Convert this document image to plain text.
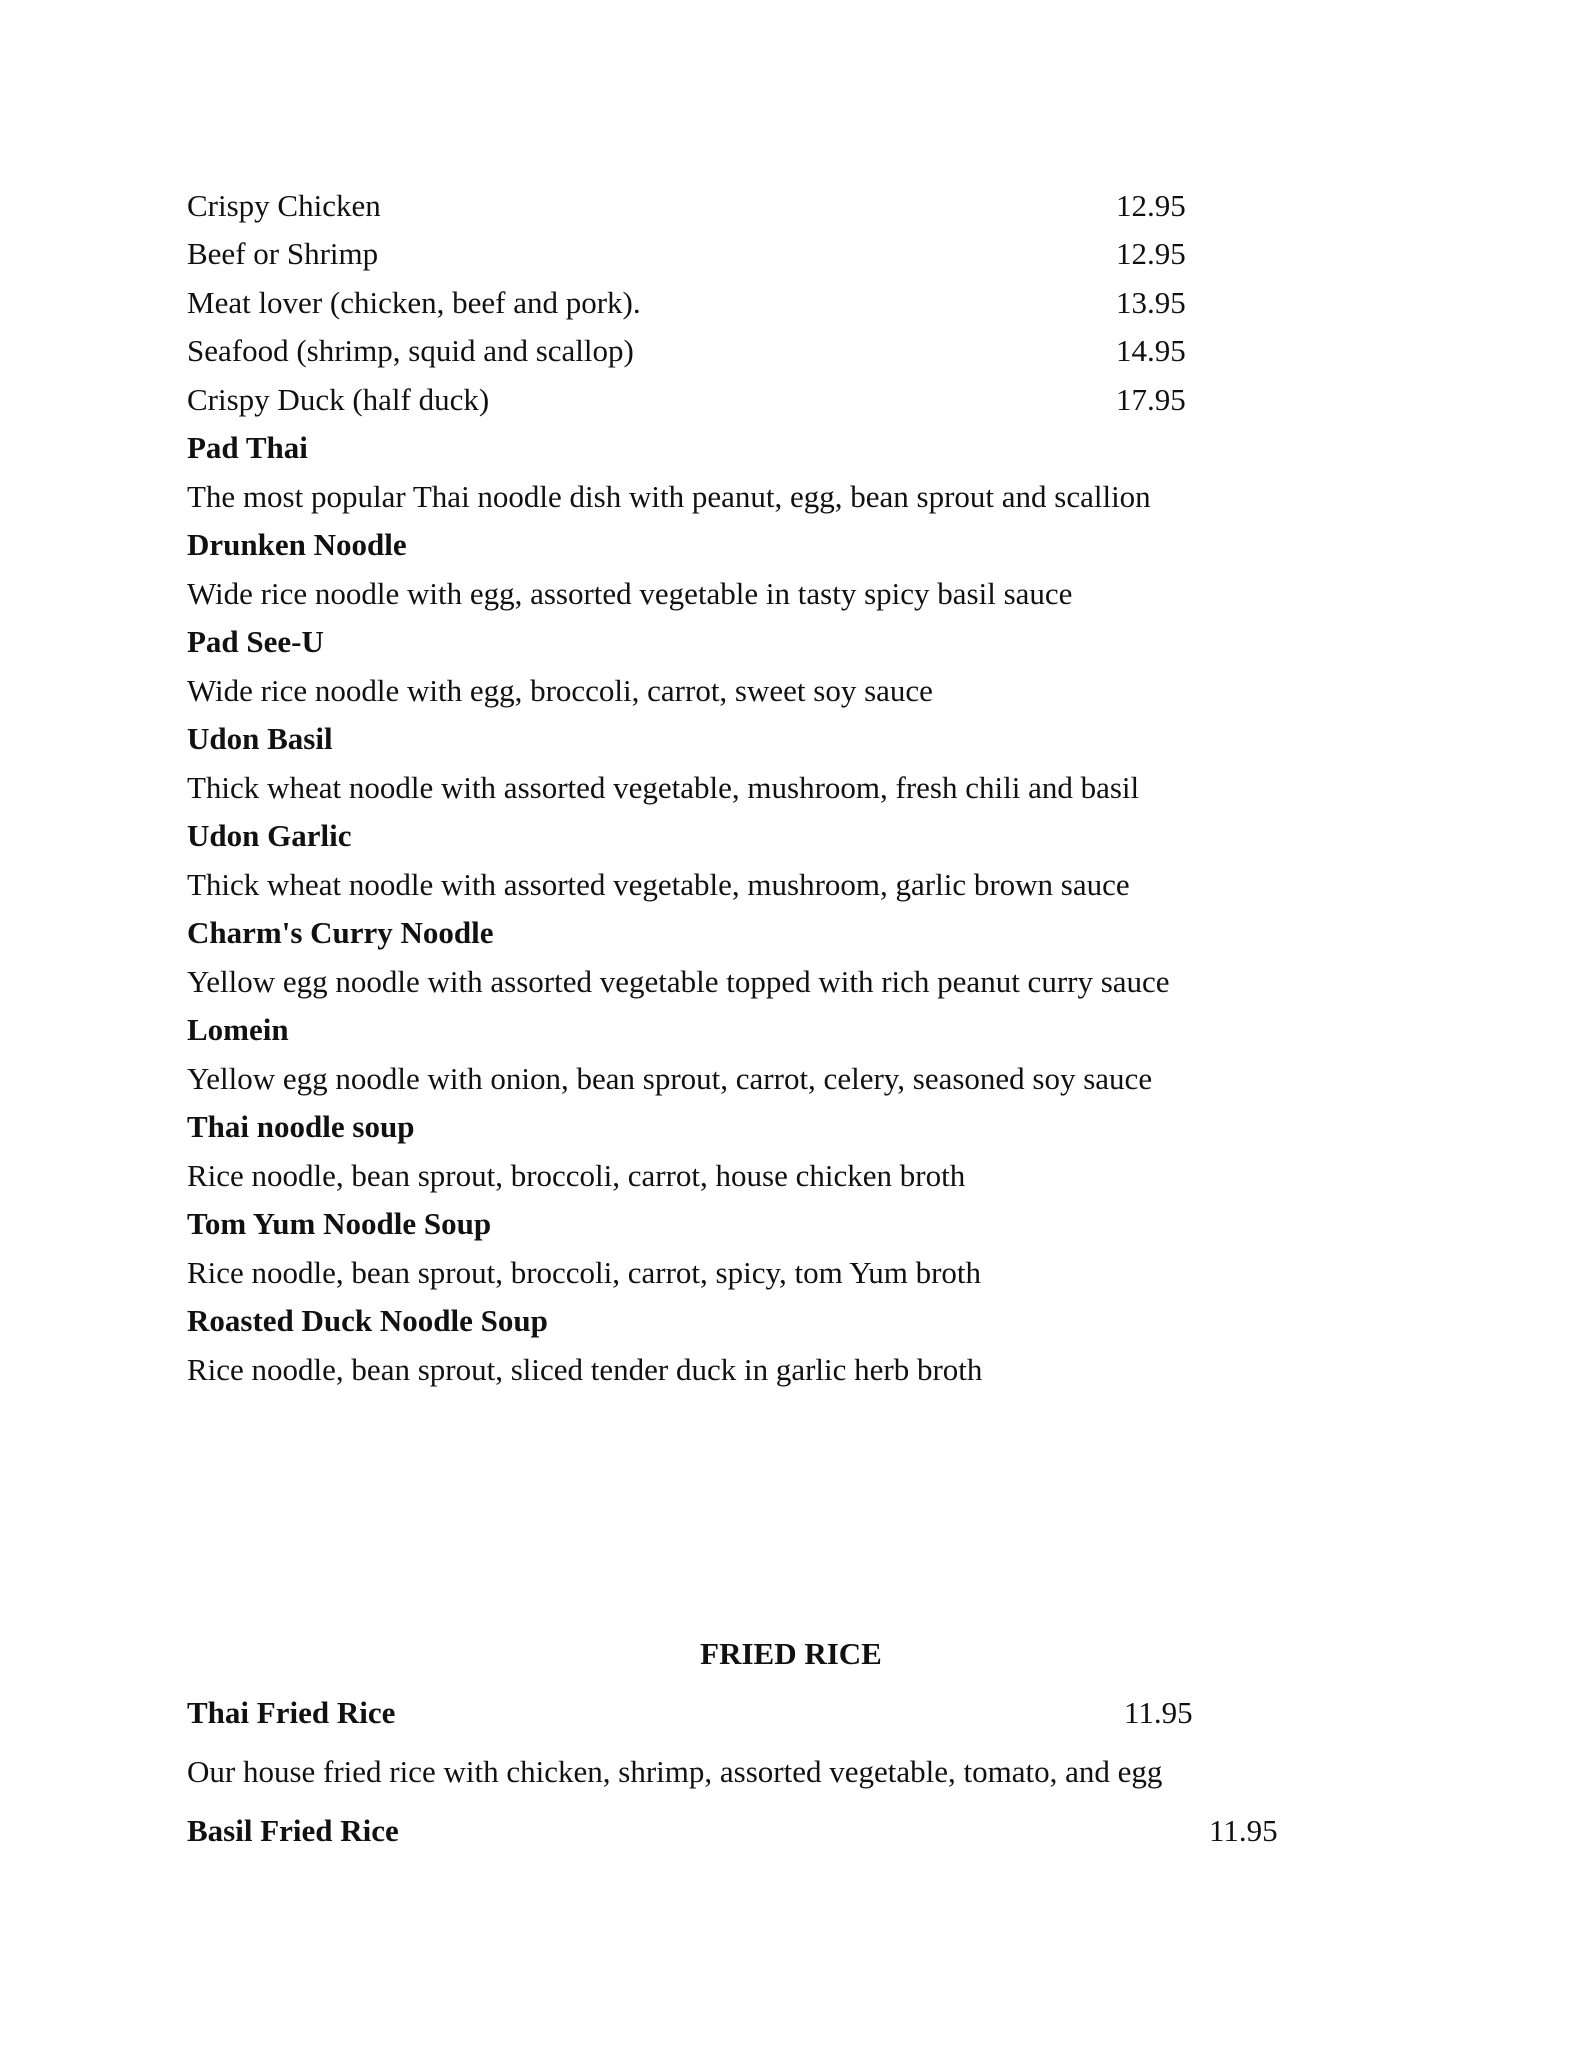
Crispy Chicken	12.95
Beef or Shrimp	12.95
Meat lover (chicken, beef and pork).	13.95
Seafood (shrimp, squid and scallop)	14.95
Crispy Duck (half duck)	17.95
Pad Thai
The most popular Thai noodle dish with peanut, egg, bean sprout and scallion
Drunken Noodle
Wide rice noodle with egg, assorted vegetable in tasty spicy basil sauce
Pad See-U
Wide rice noodle with egg, broccoli, carrot, sweet soy sauce
Udon Basil
Thick wheat noodle with assorted vegetable, mushroom, fresh chili and basil
Udon Garlic
Thick wheat noodle with assorted vegetable, mushroom, garlic brown sauce
Charm's Curry Noodle
Yellow egg noodle with assorted vegetable topped with rich peanut curry sauce
Lomein
Yellow egg noodle with onion, bean sprout, carrot, celery, seasoned soy sauce
Thai noodle soup
Rice noodle, bean sprout, broccoli, carrot, house chicken broth
Tom Yum Noodle Soup
Rice noodle, bean sprout, broccoli, carrot, spicy, tom Yum broth
Roasted Duck Noodle Soup
Rice noodle, bean sprout, sliced tender duck in garlic herb broth
FRIED RICE
Thai Fried Rice	11.95
Our house fried rice with chicken, shrimp, assorted vegetable, tomato, and egg
Basil Fried Rice	11.95
